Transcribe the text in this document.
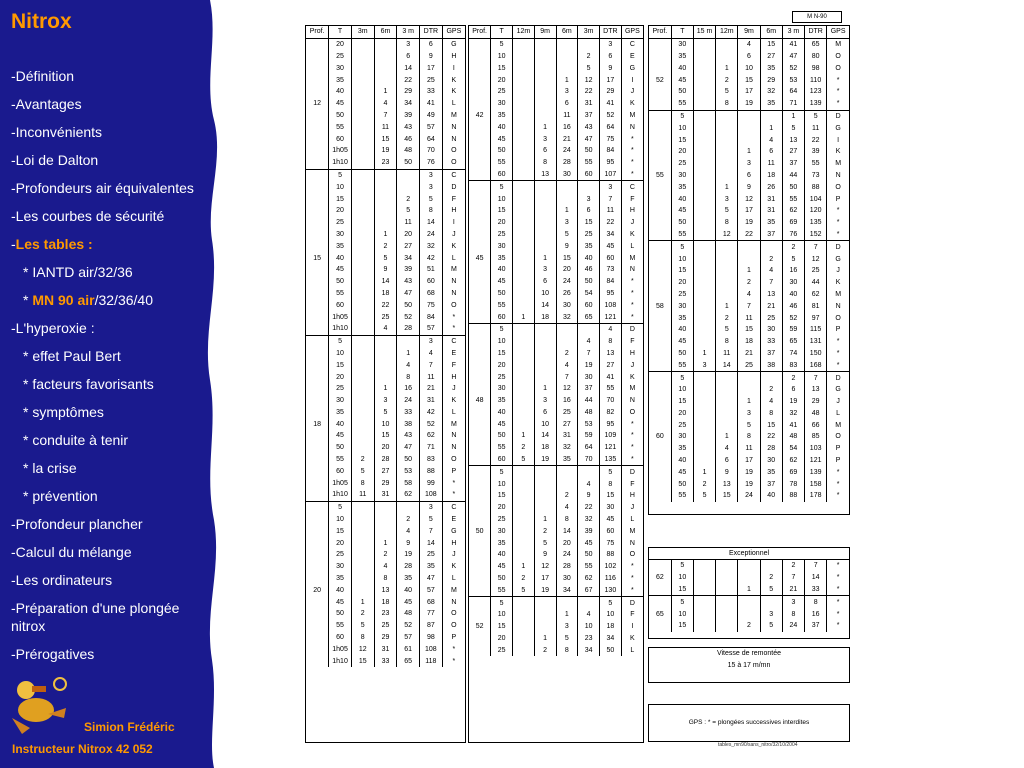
Nitrox
-Définition
-Avantages
-Inconvénients
-Loi de Dalton
-Profondeurs air équivalentes
-Les courbes de sécurité
-Les tables :
* IANTD air/32/36
* MN 90 air/32/36/40
-L'hyperoxie :
* effet Paul Bert
* facteurs favorisants
* symptômes
* conduite à tenir
* la crise
* prévention
-Profondeur plancher
-Calcul du mélange
-Les ordinateurs
-Préparation d'une plongée nitrox
-Prérogatives
Simion Frédéric
Instructeur Nitrox 42 052
M N-90
Prof.	T	3m	6m	3 m	DTR	GPS
	20			3	6	G
	25			6	9	H
	30			14	17	I
	35			22	25	K
	40		1	29	33	K
12	45		4	34	41	L
	50		7	39	49	M
	55		11	43	57	N
	60		15	46	64	N
	1h05		19	48	70	O
	1h10		23	50	76	O
	5				3	C
	10				3	D
	15			2	5	F
	20			5	8	H
	25			11	14	I
	30		1	20	24	J
	35		2	27	32	K
15	40		5	34	42	L
	45		9	39	51	M
	50		14	43	60	N
	55		18	47	68	N
	60		22	50	75	O
	1h05		25	52	84	*
	1h10		4	28	57	*
	5				3	C
	10			1	4	E
	15			4	7	F
	20			8	11	H
	25		1	16	21	J
	30		3	24	31	K
	35		5	33	42	L
18	40		10	38	52	M
	45		15	43	62	N
	50		20	47	71	N
	55	2	28	50	83	O
	60	5	27	53	88	P
	1h05	8	29	58	99	*
	1h10	11	31	62	108	*
	5				3	C
	10			2	5	E
	15			4	7	G
	20		1	9	14	H
	25		2	19	25	J
	30		4	28	35	K
	35		8	35	47	L
20	40		13	40	57	M
	45	1	18	45	68	N
	50	2	23	48	77	O
	55	5	25	52	87	O
	60	8	29	57	98	P
	1h05	12	31	61	108	*
	1h10	15	33	65	118	*
Prof.	T	12m	9m	6m	3m	DTR	GPS
	5					3	C
	10				2	6	E
	15				5	9	G
	20			1	12	17	I
	25			3	22	29	J
	30			6	31	41	K
42	35			11	37	52	M
	40		1	16	43	64	N
	45		3	21	47	75	*
	50		6	24	50	84	*
	55		8	28	55	95	*
	60		13	30	60	107	*
	5					3	C
	10				3	7	F
	15			1	6	11	H
	20			3	15	22	J
	25			5	25	34	K
	30			9	35	45	L
45	35		1	15	40	60	M
	40		3	20	46	73	N
	45		6	24	50	84	*
	50		10	26	54	95	*
	55		14	30	60	108	*
	60	1	18	32	65	121	*
	5					4	D
	10				4	8	F
	15			2	7	13	H
	20			4	19	27	J
	25			7	30	41	K
	30		1	12	37	55	M
48	35		3	16	44	70	N
	40		6	25	48	82	O
	45		10	27	53	95	*
	50	1	14	31	59	109	*
	55	2	18	32	64	121	*
	60	5	19	35	70	135	*
	5					5	D
	10				4	8	F
	15			2	9	15	H
	20			4	22	30	J
	25		1	8	32	45	L
50	30		2	14	39	60	M
	35		5	20	45	75	N
	40		9	24	50	88	O
	45	1	12	28	55	102	*
	50	2	17	30	62	116	*
	55	5	19	34	67	130	*
	5					5	D
	10			1	4	10	F
52	15			3	10	18	I
	20		1	5	23	34	K
	25		2	8	34	50	L
Prof.	T	15 m	12m	9m	6m	3 m	DTR	GPS
	30			4	15	41	65	M
	35			6	27	47	80	O
	40		1	10	35	52	98	O
52	45		2	15	29	53	110	*
	50		5	17	32	64	123	*
	55		8	19	35	71	139	*
	5					1	5	D
	10				1	5	11	G
	15				4	13	22	I
	20			1	6	27	39	K
	25			3	11	37	55	M
55	30			6	18	44	73	N
	35		1	9	26	50	88	O
	40		3	12	31	55	104	P
	45		5	17	31	62	120	*
	50		8	19	35	69	135	*
	55		12	22	37	76	152	*
	5					2	7	D
	10				2	5	12	G
	15			1	4	16	25	J
	20			2	7	30	44	K
	25			4	13	40	62	M
58	30		1	7	21	46	81	N
	35		2	11	25	52	97	O
	40		5	15	30	59	115	P
	45		8	18	33	65	131	*
	50	1	11	21	37	74	150	*
	55	3	14	25	38	83	168	*
	5					2	7	D
	10				2	6	13	G
	15			1	4	19	29	J
	20			3	8	32	48	L
	25			5	15	41	66	M
60	30		1	8	22	48	85	O
	35		4	11	28	54	103	P
	40		6	17	30	62	121	P
	45	1	9	19	35	69	139	*
	50	2	13	19	37	78	158	*
	55	5	15	24	40	88	178	*
Exceptionnel
	5					2	7	*
62	10				2	7	14	*
	15			1	5	21	33	*
	5					3	8	*
65	10				3	8	16	*
	15			2	5	24	37	*
Vitesse de remontée
15 à 17 m/mn
GPS : * = plongées successives interdites
tables_mn90/sans_nitro/32/10/2004
